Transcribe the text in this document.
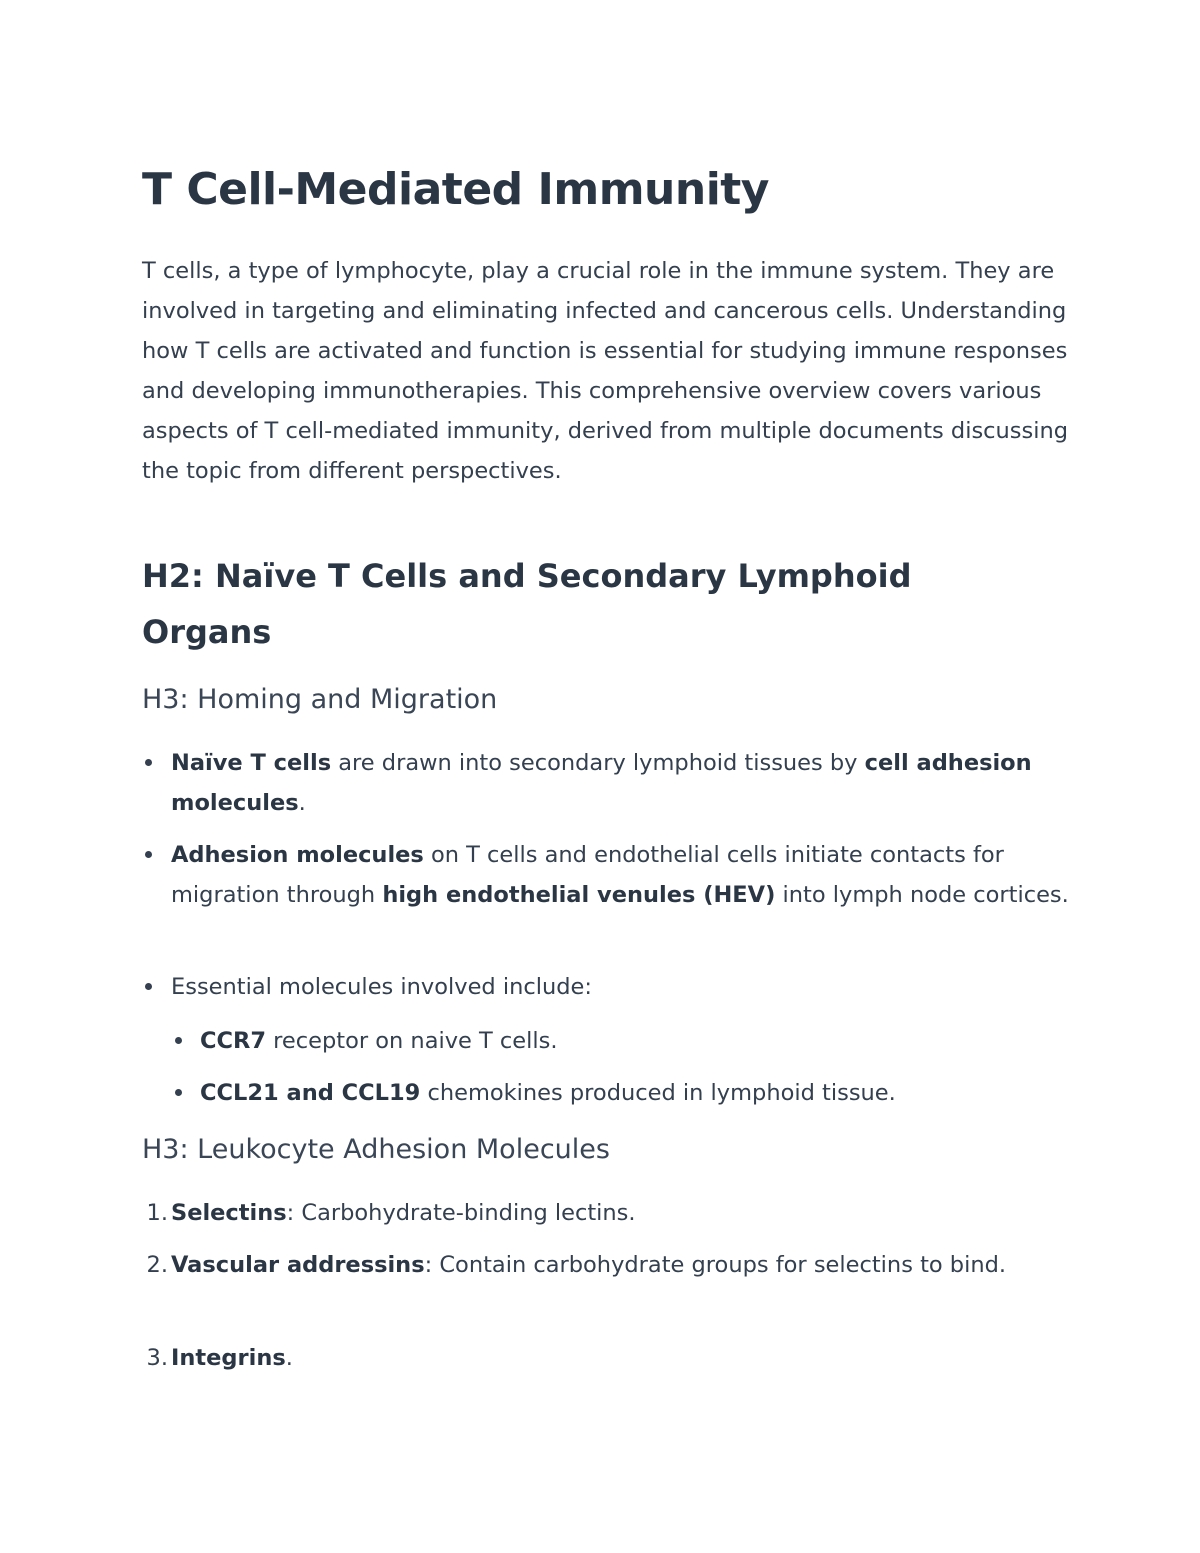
T Cell-Mediated Immunity

T cells, a type of lymphocyte, play a crucial role in the immune system. They are involved in targeting and eliminating infected and cancerous cells. Understanding how T cells are activated and function is essential for studying immune responses and developing immunotherapies. This comprehensive overview covers various aspects of T cell-mediated immunity, derived from multiple documents discussing the topic from different perspectives.

H2: Naïve T Cells and Secondary Lymphoid Organs
H3: Homing and Migration
Naïve T cells are drawn into secondary lymphoid tissues by cell adhesion molecules.
Adhesion molecules on T cells and endothelial cells initiate contacts for migration through high endothelial venules (HEV) into lymph node cortices.
Essential molecules involved include:
CCR7 receptor on naive T cells.
CCL21 and CCL19 chemokines produced in lymphoid tissue.
H3: Leukocyte Adhesion Molecules
1. Selectins: Carbohydrate-binding lectins.
2. Vascular addressins: Contain carbohydrate groups for selectins to bind.
3. Integrins.
